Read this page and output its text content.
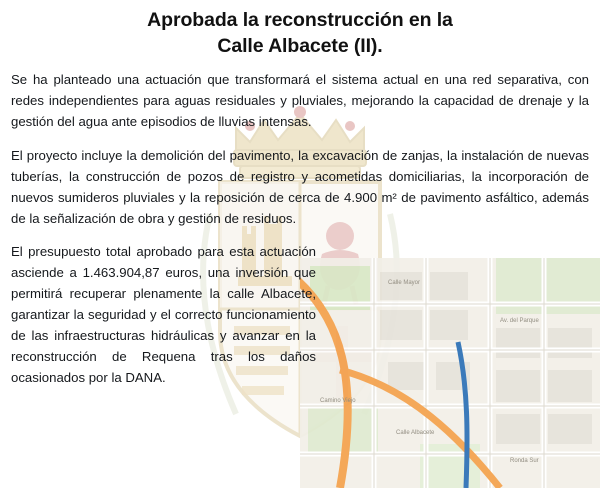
Calle Mayor
Av. del Parque
Camino Viejo
Ronda Sur
Calle Albacete
Aprobada la reconstrucción en la
Calle Albacete (II).

Se ha planteado una actuación que transformará el sistema actual en una red separativa, con redes independientes para aguas residuales y pluviales, mejorando la capacidad de drenaje y la gestión del agua ante episodios de lluvias intensas.

El proyecto incluye la demolición del pavimento, la excavación de zanjas, la instalación de nuevas tuberías, la construcción de pozos de registro y acometidas domiciliarias, la incorporación de nuevos sumideros pluviales y la reposición de cerca de 4.900 m² de pavimento asfáltico, además de la señalización de obra y gestión de residuos.

El presupuesto total aprobado para esta actuación asciende a 1.463.904,87 euros, una inversión que permitirá recuperar plenamente la calle Albacete, garantizar la seguridad y el correcto funcionamiento de las infraestructuras hidráulicas y avanzar en la reconstrucción de Requena tras los daños ocasionados por la DANA.
